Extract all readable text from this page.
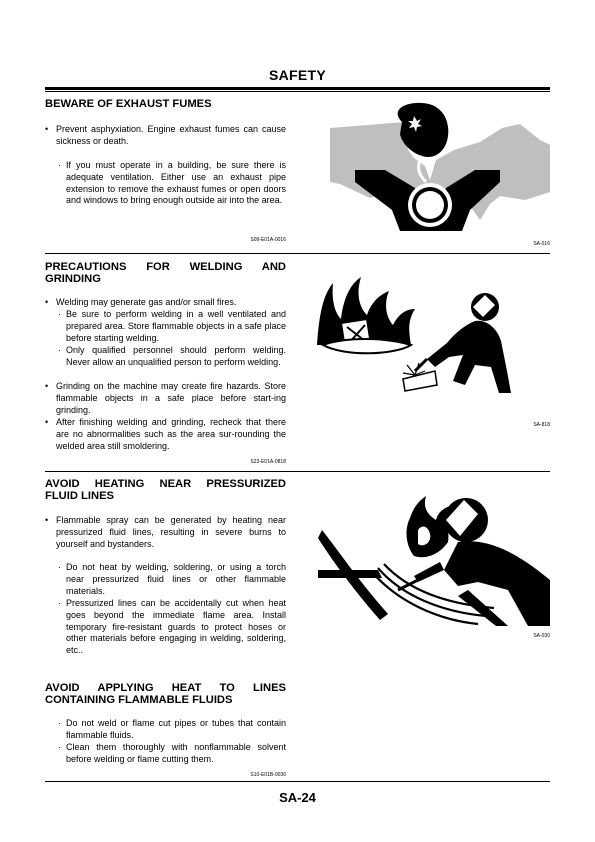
SAFETY
BEWARE OF EXHAUST FUMES
• Prevent asphyxiation. Engine exhaust fumes can cause sickness or death.
· If you must operate in a building, be sure there is adequate ventilation. Either use an exhaust pipe extension to remove the exhaust fumes or open doors and windows to bring enough outside air into the area.
S09-E01A-0016
SA-016
PRECAUTIONS FOR WELDING AND
GRINDING
• Welding may generate gas and/or small fires.
· Be sure to perform welding in a well ventilated and prepared area. Store flammable objects in a safe place before starting welding.
· Only qualified personnel should perform welding. Never allow an unqualified person to perform welding.
• Grinding on the machine may create fire hazards. Store flammable objects in a safe place before start-ing grinding.
• After finishing welding and grinding, recheck that there are no abnormalities such as the area sur-rounding the welded area still smoldering.
S23-E01A-0818
SA-818
AVOID HEATING NEAR PRESSURIZED
FLUID LINES
• Flammable spray can be generated by heating near pressurized fluid lines, resulting in severe burns to yourself and bystanders.
· Do not heat by welding, soldering, or using a torch near pressurized fluid lines or other flammable materials.
· Pressurized lines can be accidentally cut when heat goes beyond the immediate flame area. Install temporary fire-resistant guards to protect hoses or other materials before engaging in welding, soldering, etc..
SA-030
AVOID APPLYING HEAT TO LINES
CONTAINING FLAMMABLE FLUIDS
· Do not weld or flame cut pipes or tubes that contain flammable fluids.
· Clean them thoroughly with nonflammable solvent before welding or flame cutting them.
S10-E01B-0030
SA-24
